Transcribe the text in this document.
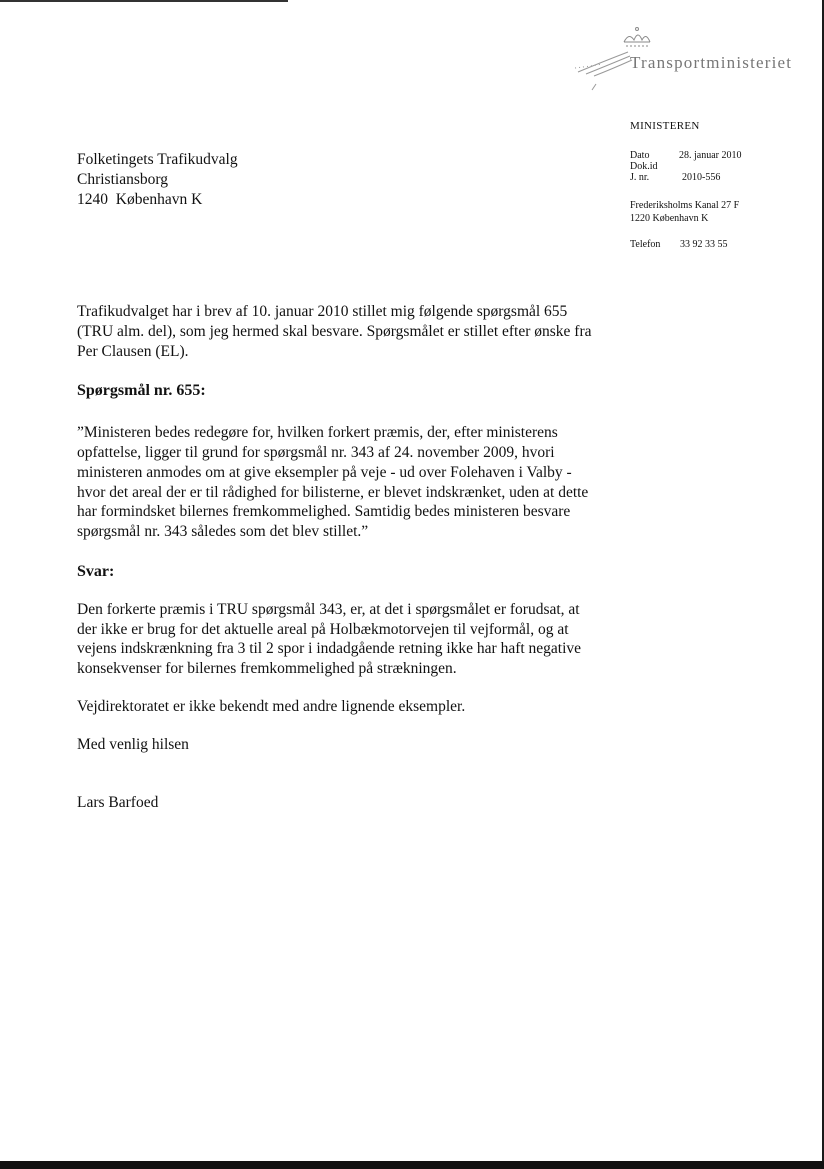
Transportministeriet
MINISTEREN
Dato	28. januar 2010
Dok.id
J. nr.	2010-556
Frederiksholms Kanal 27 F
1220 København K
Telefon 33 92 33 55
Folketingets Trafikudvalg
Christiansborg
1240  København K

Trafikudvalget har i brev af 10. januar 2010 stillet mig følgende spørgsmål 655 (TRU alm. del), som jeg hermed skal besvare. Spørgsmålet er stillet efter ønske fra Per Clausen (EL).

Spørgsmål nr. 655:

”Ministeren bedes redegøre for, hvilken forkert præmis, der, efter ministerens opfattelse, ligger til grund for spørgsmål nr. 343 af 24. november 2009, hvori ministeren anmodes om at give eksempler på veje - ud over Folehaven i Valby - hvor det areal der er til rådighed for bilisterne, er blevet indskrænket, uden at dette har formindsket bilernes fremkommelighed. Samtidig bedes ministeren besvare spørgsmål nr. 343 således som det blev stillet.”

Svar:

Den forkerte præmis i TRU spørgsmål 343, er, at det i spørgsmålet er forudsat, at der ikke er brug for det aktuelle areal på Holbækmotorvejen til vejformål, og at vejens indskrænkning fra 3 til 2 spor i indadgående retning ikke har haft negative konsekvenser for bilernes fremkommelighed på strækningen.

Vejdirektoratet er ikke bekendt med andre lignende eksempler.

Med venlig hilsen

Lars Barfoed
